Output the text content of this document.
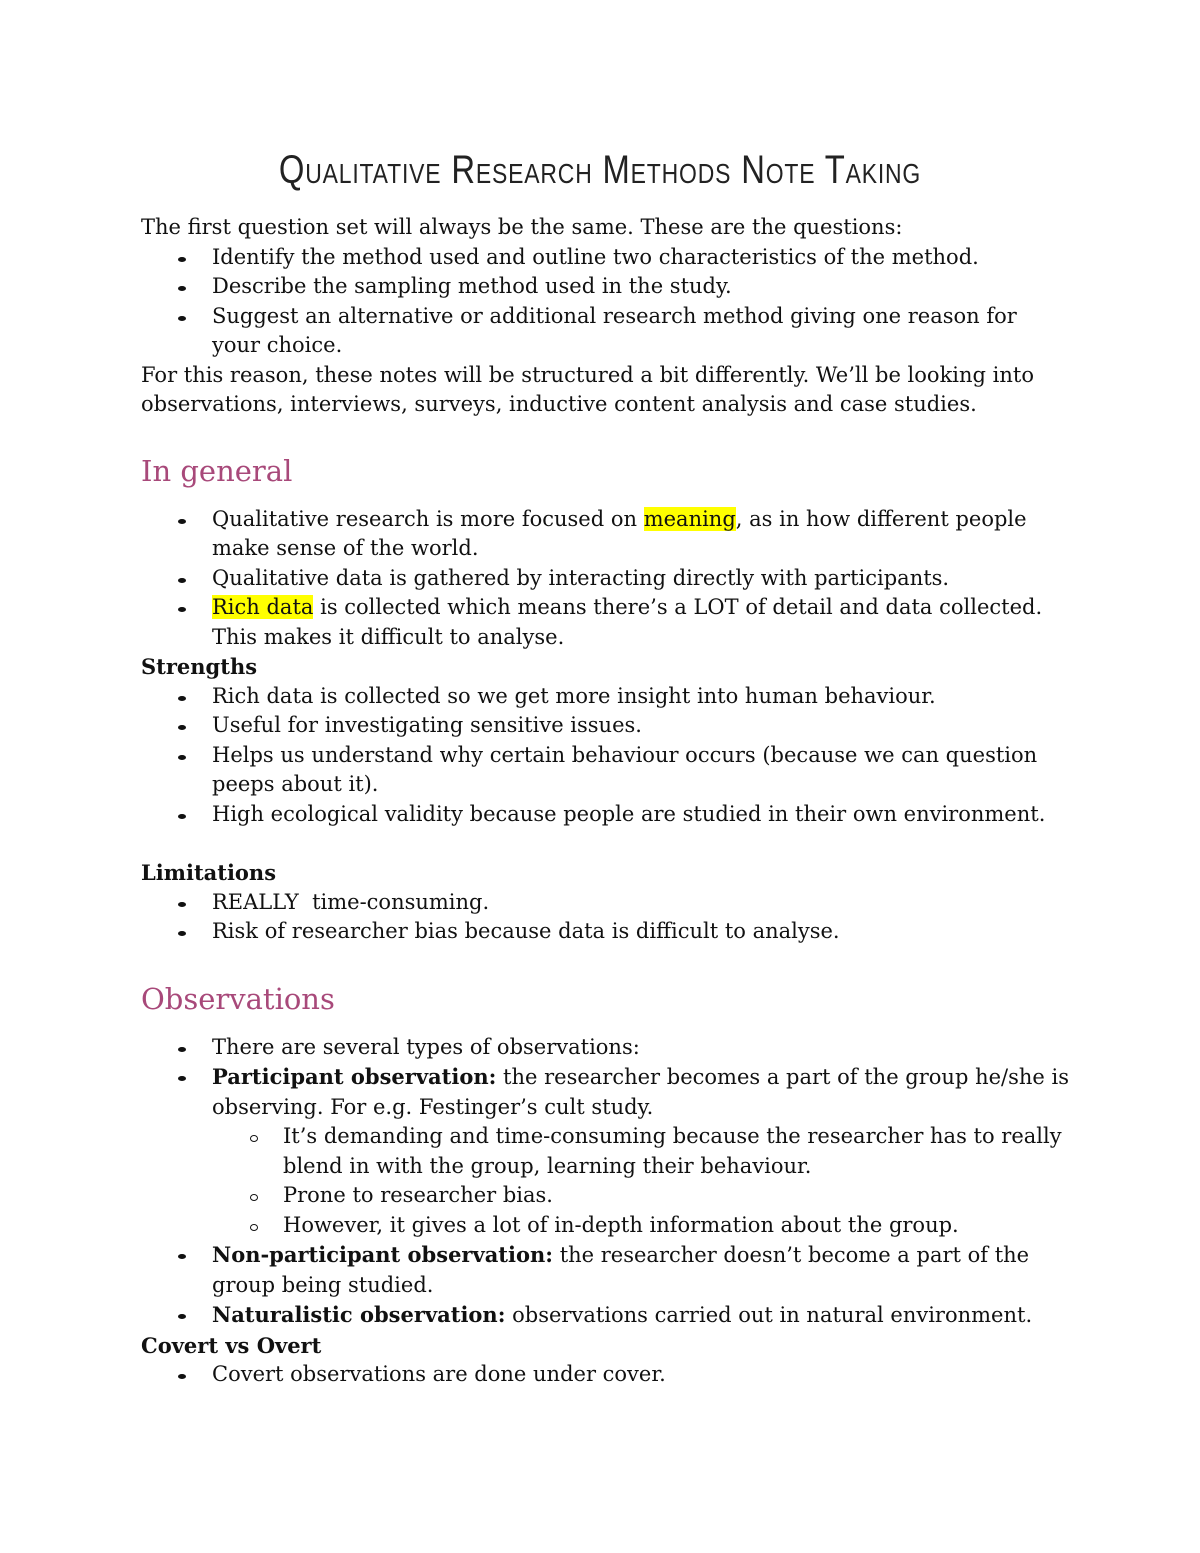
Qualitative Research Methods Note Taking

The first question set will always be the same. These are the questions:

Identify the method used and outline two characteristics of the method.
Describe the sampling method used in the study.
Suggest an alternative or additional research method giving one reason for your choice.

For this reason, these notes will be structured a bit differently. We’ll be looking into observations, interviews, surveys, inductive content analysis and case studies.

In general
Qualitative research is more focused on meaning, as in how different people make sense of the world.
Qualitative data is gathered by interacting directly with participants.
Rich data is collected which means there’s a LOT of detail and data collected. This makes it difficult to analyse.

Strengths

Rich data is collected so we get more insight into human behaviour.
Useful for investigating sensitive issues.
Helps us understand why certain behaviour occurs (because we can question peeps about it).
High ecological validity because people are studied in their own environment.

Limitations

REALLY  time-consuming.
Risk of researcher bias because data is difficult to analyse.
Observations
There are several types of observations:
Participant observation: the researcher becomes a part of the group he/she is observing. For e.g. Festinger’s cult study.
It’s demanding and time-consuming because the researcher has to really blend in with the group, learning their behaviour.
Prone to researcher bias.
However, it gives a lot of in-depth information about the group.
Non-participant observation: the researcher doesn’t become a part of the group being studied.
Naturalistic observation: observations carried out in natural environment.

Covert vs Overt

Covert observations are done under cover.
